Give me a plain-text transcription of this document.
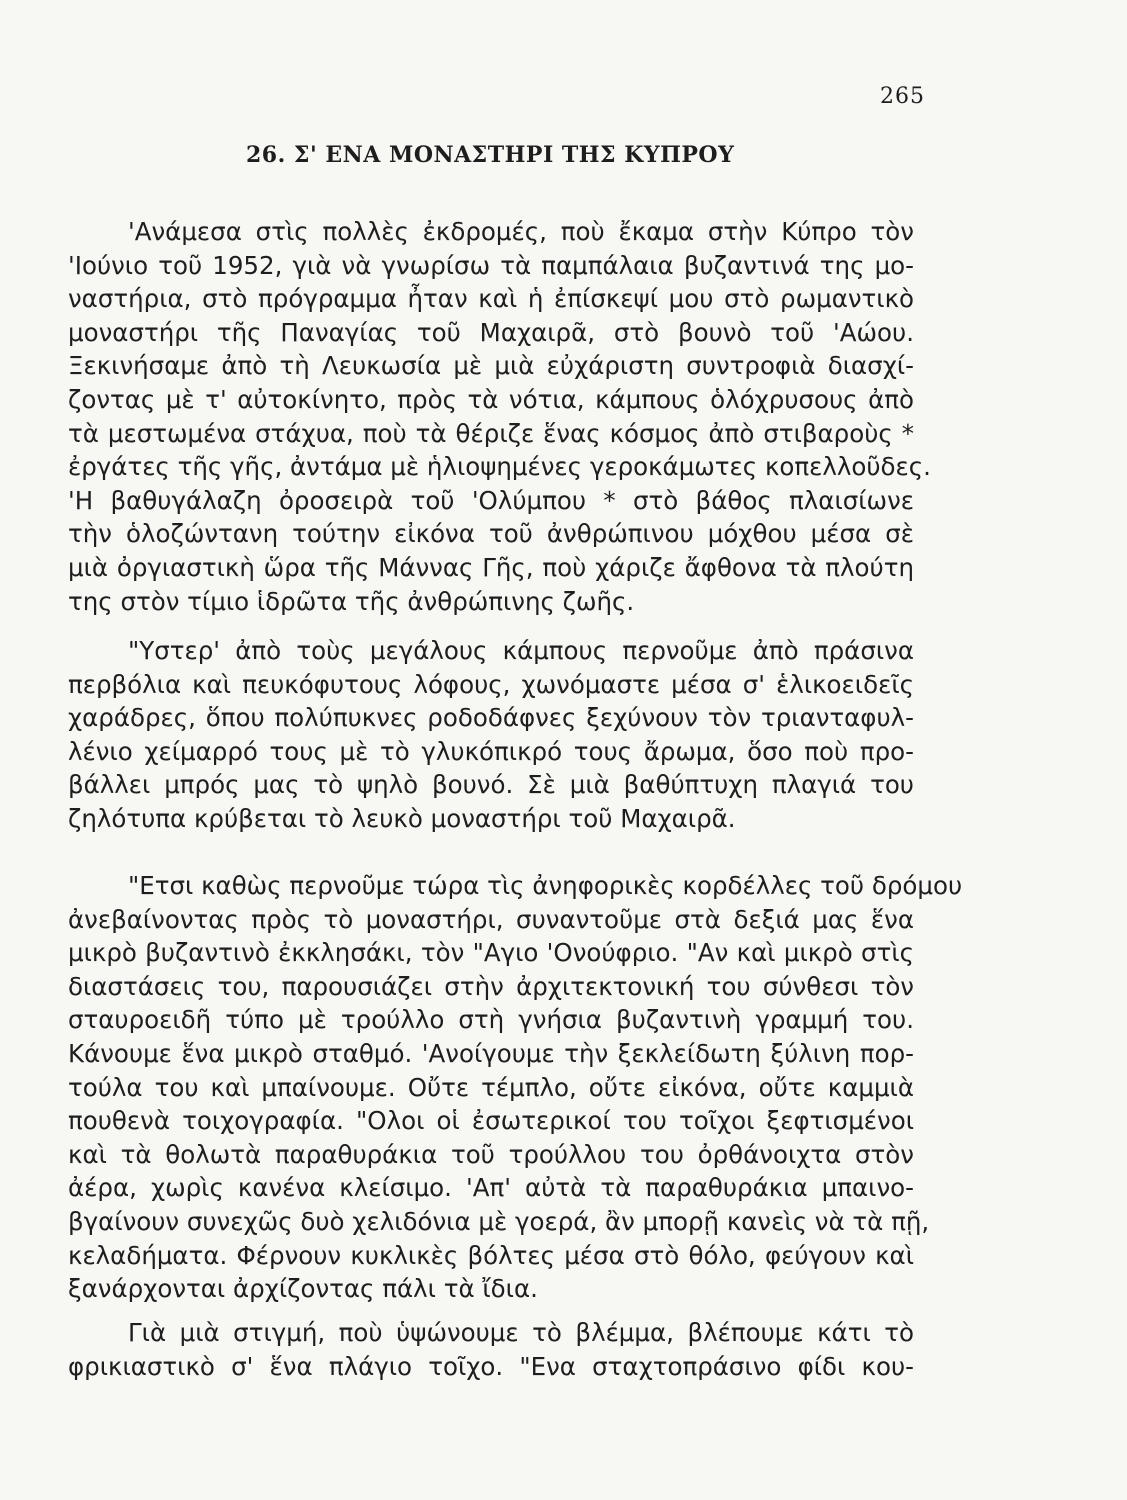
265
26. Σ' ΕΝΑ ΜΟΝΑΣΤΗΡΙ ΤΗΣ ΚΥΠΡΟΥ
'Ανάμεσα στὶς πολλὲς ἐκδρομές, ποὺ ἔκαμα στὴν Κύπρο τὸν
'Ιούνιο τοῦ 1952, γιὰ νὰ γνωρίσω τὰ παμπάλαια βυζαντινά της μο-
ναστήρια, στὸ πρόγραμμα ἦταν καὶ ἡ ἐπίσκεψί μου στὸ ρωμαντικὸ
μοναστήρι τῆς Παναγίας τοῦ Μαχαιρᾶ, στὸ βουνὸ τοῦ 'Αώου.
Ξεκινήσαμε ἀπὸ τὴ Λευκωσία μὲ μιὰ εὐχάριστη συντροφιὰ διασχί-
ζοντας μὲ τ' αὐτοκίνητο, πρὸς τὰ νότια, κάμπους ὁλόχρυσους ἀπὸ
τὰ μεστωμένα στάχυα, ποὺ τὰ θέριζε ἕνας κόσμος ἀπὸ στιβαροὺς *
ἐργάτες τῆς γῆς, ἀντάμα μὲ ἡλιοψημένες γεροκάμωτες κοπελλοῦδες.
'Η βαθυγάλαζη ὀροσειρὰ τοῦ 'Ολύμπου * στὸ βάθος πλαισίωνε
τὴν ὁλοζώντανη τούτην εἰκόνα τοῦ ἀνθρώπινου μόχθου μέσα σὲ
μιὰ ὀργιαστικὴ ὥρα τῆς Μάννας Γῆς, ποὺ χάριζε ἄφθονα τὰ πλούτη
της στὸν τίμιο ἱδρῶτα τῆς ἀνθρώπινης ζωῆς.
"Υστερ' ἀπὸ τοὺς μεγάλους κάμπους περνοῦμε ἀπὸ πράσινα
περβόλια καὶ πευκόφυτους λόφους, χωνόμαστε μέσα σ' ἑλικοειδεῖς
χαράδρες, ὅπου πολύπυκνες ροδοδάφνες ξεχύνουν τὸν τριανταφυλ-
λένιο χείμαρρό τους μὲ τὸ γλυκόπικρό τους ἄρωμα, ὅσο ποὺ προ-
βάλλει μπρός μας τὸ ψηλὸ βουνό. Σὲ μιὰ βαθύπτυχη πλαγιά του
ζηλότυπα κρύβεται τὸ λευκὸ μοναστήρι τοῦ Μαχαιρᾶ.
"Ετσι καθὼς περνοῦμε τώρα τὶς ἀνηφορικὲς κορδέλλες τοῦ δρόμου
ἀνεβαίνοντας πρὸς τὸ μοναστήρι, συναντοῦμε στὰ δεξιά μας ἕνα
μικρὸ βυζαντινὸ ἐκκλησάκι, τὸν "Αγιο 'Ονούφριο. "Αν καὶ μικρὸ στὶς
διαστάσεις του, παρουσιάζει στὴν ἀρχιτεκτονική του σύνθεσι τὸν
σταυροειδῆ τύπο μὲ τρούλλο στὴ γνήσια βυζαντινὴ γραμμή του.
Κάνουμε ἕνα μικρὸ σταθμό. 'Ανοίγουμε τὴν ξεκλείδωτη ξύλινη πορ-
τούλα του καὶ μπαίνουμε. Οὔτε τέμπλο, οὔτε εἰκόνα, οὔτε καμμιὰ
πουθενὰ τοιχογραφία. "Ολοι οἱ ἐσωτερικοί του τοῖχοι ξεφτισμένοι
καὶ τὰ θολωτὰ παραθυράκια τοῦ τρούλλου του ὀρθάνοιχτα στὸν
ἀέρα, χωρὶς κανένα κλείσιμο. 'Απ' αὐτὰ τὰ παραθυράκια μπαινο-
βγαίνουν συνεχῶς δυὸ χελιδόνια μὲ γοερά, ἂν μπορῇ κανεὶς νὰ τὰ πῇ,
κελαδήματα. Φέρνουν κυκλικὲς βόλτες μέσα στὸ θόλο, φεύγουν καὶ
ξανάρχονται ἀρχίζοντας πάλι τὰ ἴδια.
Γιὰ μιὰ στιγμή, ποὺ ὑψώνουμε τὸ βλέμμα, βλέπουμε κάτι τὸ
φρικιαστικὸ σ' ἕνα πλάγιο τοῖχο. "Ενα σταχτοπράσινο φίδι κου-
